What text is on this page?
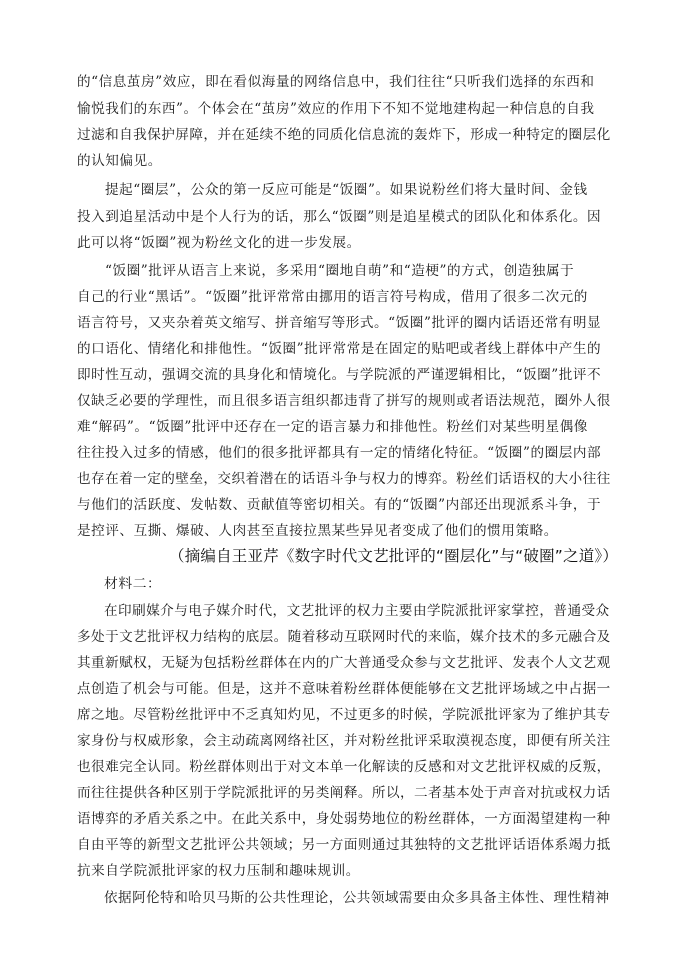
的“信息茧房”效应，即在看似海量的网络信息中，我们往往“只听我们选择的东西和
愉悦我们的东西”。个体会在“茧房”效应的作用下不知不觉地建构起一种信息的自我
过滤和自我保护屏障，并在延续不绝的同质化信息流的轰炸下，形成一种特定的圈层化
的认知偏见。
提起“圈层”，公众的第一反应可能是“饭圈”。如果说粉丝们将大量时间、金钱
投入到追星活动中是个人行为的话，那么“饭圈”则是追星模式的团队化和体系化。因
此可以将“饭圈”视为粉丝文化的进一步发展。
“饭圈”批评从语言上来说，多采用“圈地自萌”和“造梗”的方式，创造独属于
自己的行业“黑话”。“饭圈”批评常常由挪用的语言符号构成，借用了很多二次元的
语言符号，又夹杂着英文缩写、拼音缩写等形式。“饭圈”批评的圈内话语还常有明显
的口语化、情绪化和排他性。“饭圈”批评常常是在固定的贴吧或者线上群体中产生的
即时性互动，强调交流的具身化和情境化。与学院派的严谨逻辑相比，“饭圈”批评不
仅缺乏必要的学理性，而且很多语言组织都违背了拼写的规则或者语法规范，圈外人很
难“解码”。“饭圈”批评中还存在一定的语言暴力和排他性。粉丝们对某些明星偶像
往往投入过多的情感，他们的很多批评都具有一定的情绪化特征。“饭圈”的圈层内部
也存在着一定的壁垒，交织着潜在的话语斗争与权力的博弈。粉丝们话语权的大小往往
与他们的活跃度、发帖数、贡献值等密切相关。有的“饭圈”内部还出现派系斗争，于
是控评、互撕、爆破、人肉甚至直接拉黑某些异见者变成了他们的惯用策略。
（摘编自王亚芹《数字时代文艺批评的“圈层化”与“破圈”之道》）
材料二：
在印刷媒介与电子媒介时代，文艺批评的权力主要由学院派批评家掌控，普通受众
多处于文艺批评权力结构的底层。随着移动互联网时代的来临，媒介技术的多元融合及
其重新赋权，无疑为包括粉丝群体在内的广大普通受众参与文艺批评、发表个人文艺观
点创造了机会与可能。但是，这并不意味着粉丝群体便能够在文艺批评场域之中占据一
席之地。尽管粉丝批评中不乏真知灼见，不过更多的时候，学院派批评家为了维护其专
家身份与权威形象，会主动疏离网络社区，并对粉丝批评采取漠视态度，即便有所关注
也很难完全认同。粉丝群体则出于对文本单一化解读的反感和对文艺批评权威的反叛，
而往往提供各种区别于学院派批评的另类阐释。所以，二者基本处于声音对抗或权力话
语博弈的矛盾关系之中。在此关系中，身处弱势地位的粉丝群体，一方面渴望建构一种
自由平等的新型文艺批评公共领域；另一方面则通过其独特的文艺批评话语体系竭力抵
抗来自学院派批评家的权力压制和趣味规训。
依据阿伦特和哈贝马斯的公共性理论，公共领域需要由众多具备主体性、理性精神
